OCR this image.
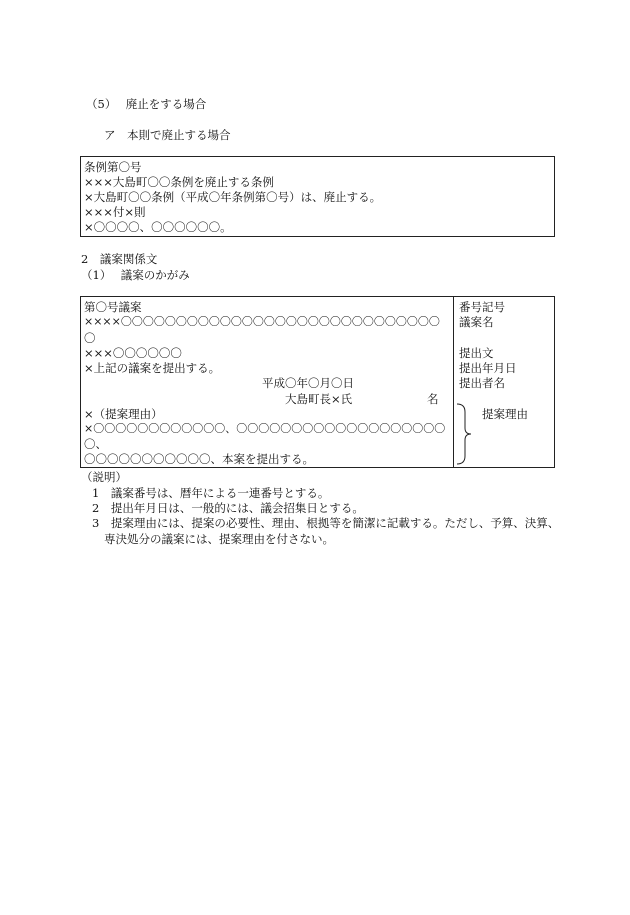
（5）　 廃止をする場合
ア　本則で廃止する場合
条例第〇号
×××大島町〇〇条例を廃止する条例
×大島町〇〇条例（平成〇年条例第〇号）は、廃止する。
×××付×則
×〇〇〇〇、〇〇〇〇〇〇。
2　議案関係文
（1）　 議案のかがみ
第〇号議案
××××〇〇〇〇〇〇〇〇〇〇〇〇〇〇〇〇〇〇〇〇〇〇〇〇〇〇〇〇〇
〇
×××〇〇〇〇〇〇
×上記の議案を提出する。
平成〇年〇月〇日
大島町長×氏	名
×（提案理由）
×〇〇〇〇〇〇〇〇〇〇〇〇、〇〇〇〇〇〇〇〇〇〇〇〇〇〇〇〇〇〇〇
〇、
〇〇〇〇〇〇〇〇〇〇〇、本案を提出する。
番号記号
議案名
提出文
提出年月日
提出者名
提案理由
（説明）
1　議案番号は、暦年による一連番号とする。
2　提出年月日は、一般的には、議会招集日とする。
3　提案理由には、提案の必要性、理由、根拠等を簡潔に記載する。ただし、予算、決算、
専決処分の議案には、提案理由を付さない。
